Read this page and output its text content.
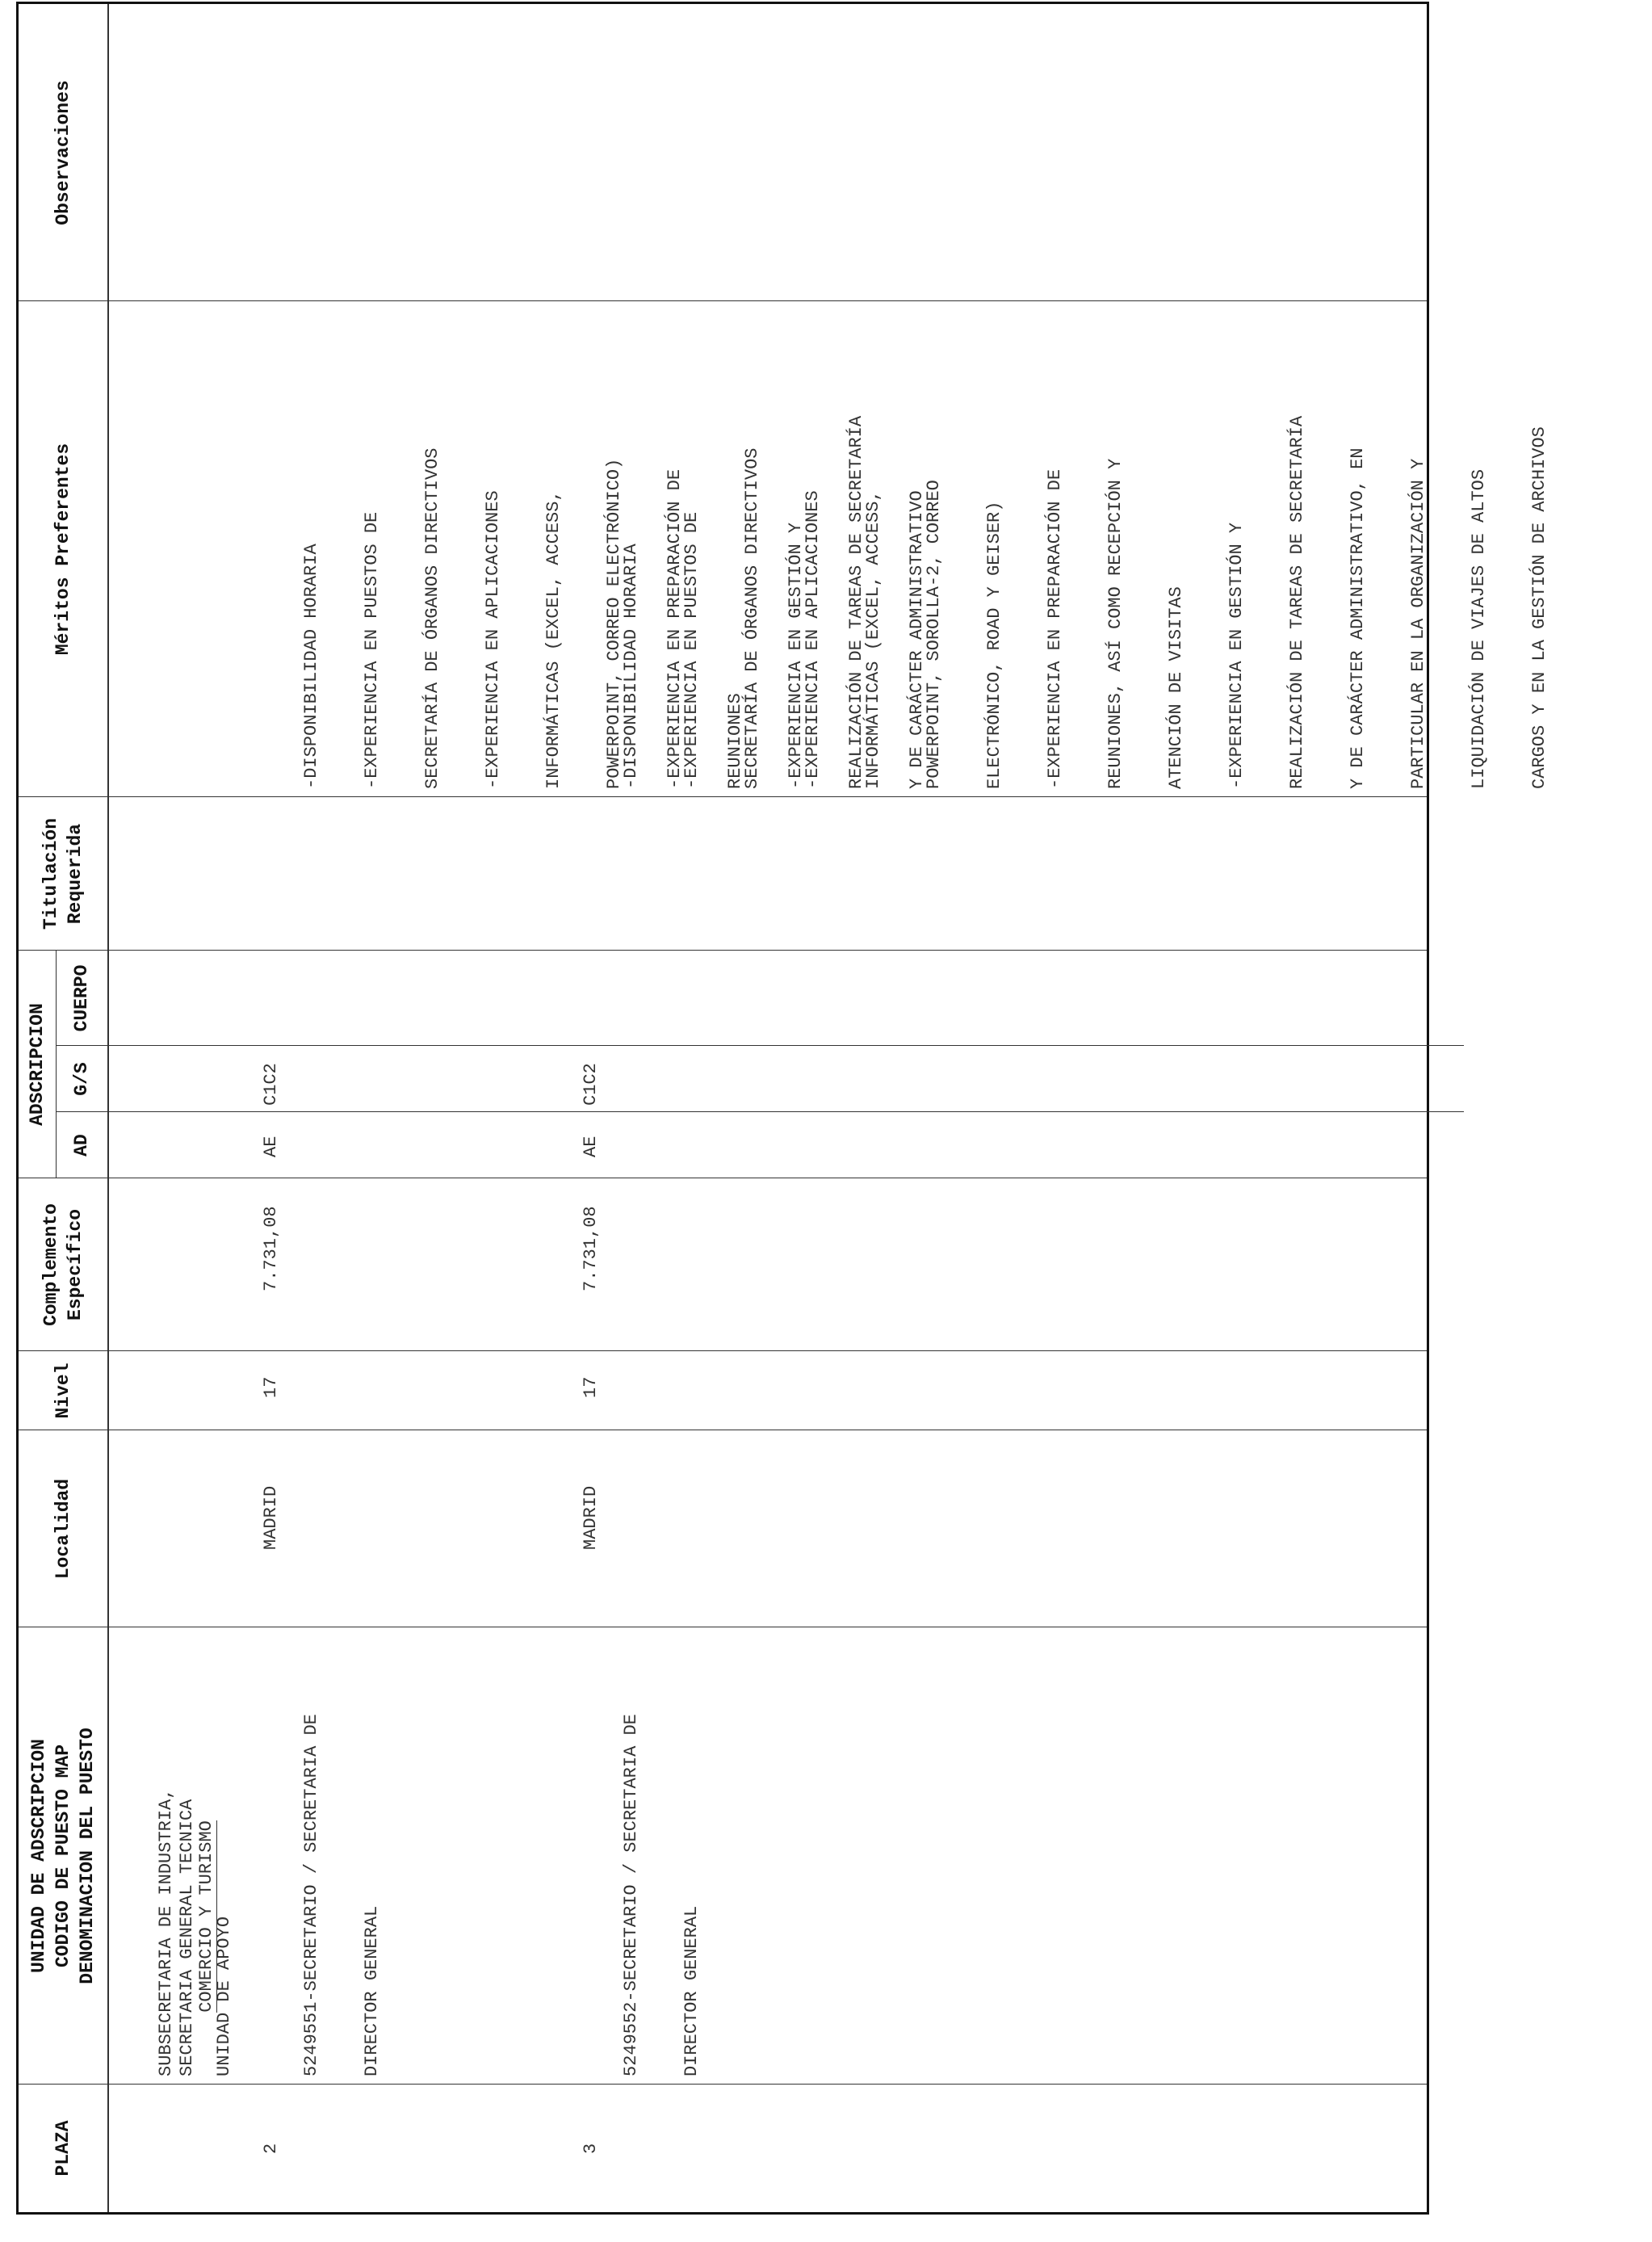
PLAZA
UNIDAD DE ADSCRIPCION CODIGO DE PUESTO MAP DENOMINACION DEL PUESTO
Localidad
Nivel
Complemento Específico
ADSCRIPCION
AD
G/S
CUERPO
Titulación Requerida
Méritos Preferentes
Observaciones

SUBSECRETARIA DE INDUSTRIA, COMERCIO Y TURISMO

SECRETARIA GENERAL TECNICA UNIDAD DE APOYO
2

5249551-SECRETARIO / SECRETARIA DE

DIRECTOR GENERAL

MADRID
17
7.731,08
AE
C1C2

-DISPONIBILIDAD HORARIA

-EXPERIENCIA EN PUESTOS DE

SECRETARÍA DE ÓRGANOS DIRECTIVOS

-EXPERIENCIA EN APLICACIONES

INFORMÁTICAS (EXCEL, ACCESS,

POWERPOINT, CORREO ELECTRÓNICO)

-EXPERIENCIA EN PREPARACIÓN DE

REUNIONES

-EXPERIENCIA EN GESTIÓN Y

REALIZACIÓN DE TAREAS DE SECRETARÍA

Y DE CARÁCTER ADMINISTRATIVO

3

5249552-SECRETARIO / SECRETARIA DE

DIRECTOR GENERAL

MADRID
17
7.731,08
AE
C1C2

-DISPONIBILIDAD HORARIA

-EXPERIENCIA EN PUESTOS DE

SECRETARÍA DE ÓRGANOS DIRECTIVOS

-EXPERIENCIA EN APLICACIONES

INFORMÁTICAS (EXCEL, ACCESS,

POWERPOINT, SOROLLA-2, CORREO

ELECTRÓNICO, ROAD Y GEISER)

-EXPERIENCIA EN PREPARACIÓN DE

REUNIONES, ASÍ COMO RECEPCIÓN Y

ATENCIÓN DE VISITAS

-EXPERIENCIA EN GESTIÓN Y

REALIZACIÓN DE TAREAS DE SECRETARÍA

Y DE CARÁCTER ADMINISTRATIVO, EN

PARTICULAR EN LA ORGANIZACIÓN Y

LIQUIDACIÓN DE VIAJES DE ALTOS

CARGOS Y EN LA GESTIÓN DE ARCHIVOS
